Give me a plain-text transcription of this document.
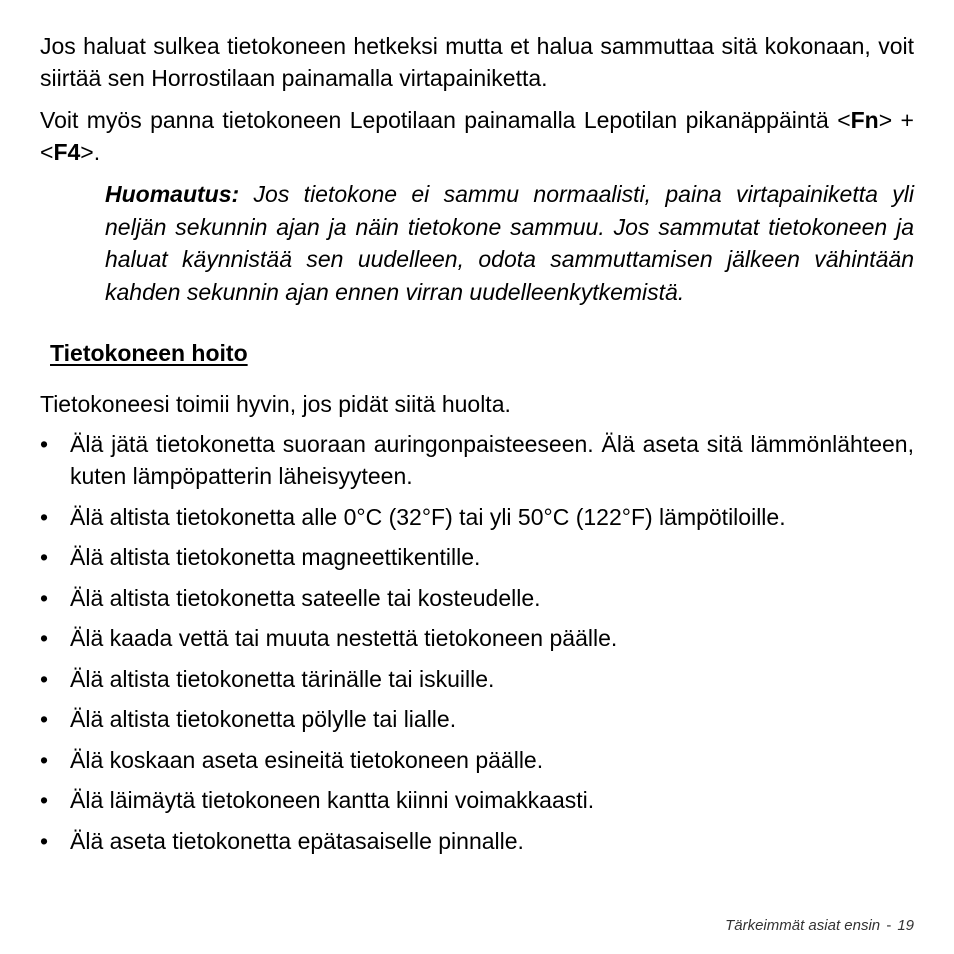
Jos haluat sulkea tietokoneen hetkeksi mutta et halua sammuttaa sitä kokonaan, voit siirtää sen Horrostilaan painamalla virtapainiketta.

Voit myös panna tietokoneen Lepotilaan painamalla Lepotilan pikanäppäintä <Fn> + <F4>.

Huomautus: Jos tietokone ei sammu normaalisti, paina virtapainiketta yli neljän sekunnin ajan ja näin tietokone sammuu. Jos sammutat tietokoneen ja haluat käynnistää sen uudelleen, odota sammuttamisen jälkeen vähintään kahden sekunnin ajan ennen virran uudelleenkytkemistä.
Tietokoneen hoito

Tietokoneesi toimii hyvin, jos pidät siitä huolta.

• Älä jätä tietokonetta suoraan auringonpaisteeseen. Älä aseta sitä lämmönlähteen, kuten lämpöpatterin läheisyyteen.
• Älä altista tietokonetta alle 0°C (32°F) tai yli 50°C (122°F) lämpötiloille.
• Älä altista tietokonetta magneettikentille.
• Älä altista tietokonetta sateelle tai kosteudelle.
• Älä kaada vettä tai muuta nestettä tietokoneen päälle.
• Älä altista tietokonetta tärinälle tai iskuille.
• Älä altista tietokonetta pölylle tai lialle.
• Älä koskaan aseta esineitä tietokoneen päälle.
• Älä läimäytä tietokoneen kantta kiinni voimakkaasti.
• Älä aseta tietokonetta epätasaiselle pinnalle.
Tärkeimmät asiat ensin - 19
